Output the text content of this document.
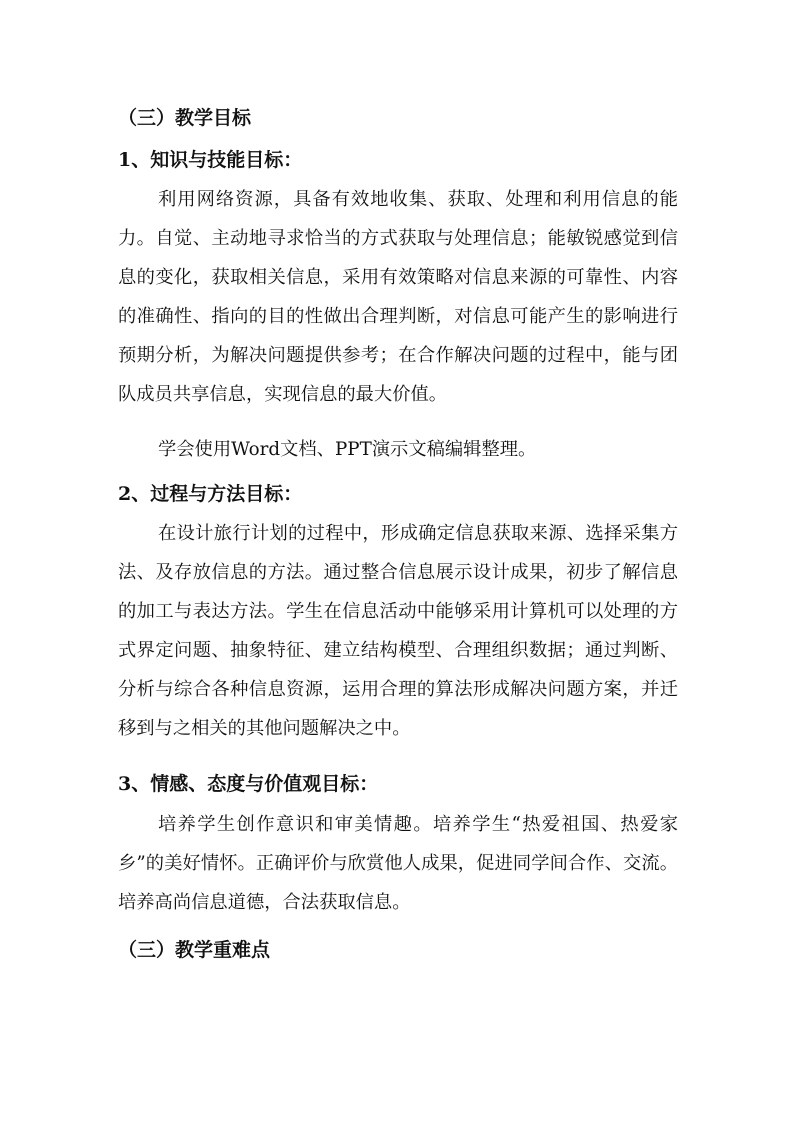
（三）教学目标
1、知识与技能目标：

利用网络资源，具备有效地收集、获取、处理和利用信息的能力。自觉、主动地寻求恰当的方式获取与处理信息；能敏锐感觉到信息的变化，获取相关信息，采用有效策略对信息来源的可靠性、内容的准确性、指向的目的性做出合理判断，对信息可能产生的影响进行预期分析，为解决问题提供参考；在合作解决问题的过程中，能与团队成员共享信息，实现信息的最大价值。

学会使用Word文档、PPT演示文稿编辑整理。

2、过程与方法目标：

在设计旅行计划的过程中，形成确定信息获取来源、选择采集方法、及存放信息的方法。通过整合信息展示设计成果，初步了解信息的加工与表达方法。学生在信息活动中能够采用计算机可以处理的方式界定问题、抽象特征、建立结构模型、合理组织数据；通过判断、分析与综合各种信息资源，运用合理的算法形成解决问题方案，并迁移到与之相关的其他问题解决之中。

3、情感、态度与价值观目标：

培养学生创作意识和审美情趣。培养学生“热爱祖国、热爱家乡”的美好情怀。正确评价与欣赏他人成果，促进同学间合作、交流。培养高尚信息道德，合法获取信息。

（三）教学重难点
